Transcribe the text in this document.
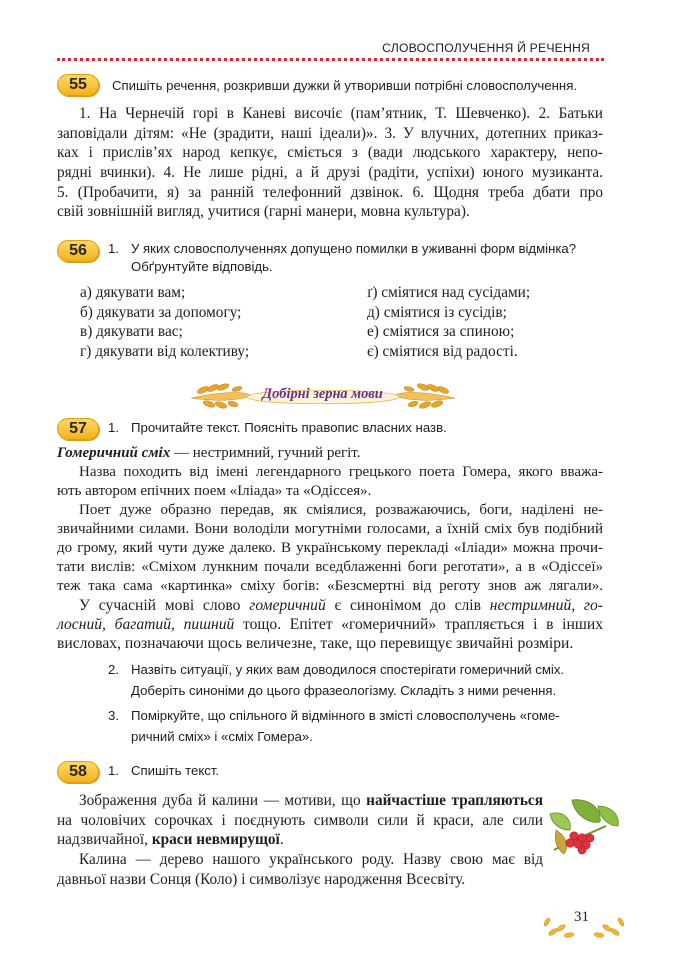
СЛОВОСПОЛУЧЕННЯ Й РЕЧЕННЯ
55	Спишіть речення, розкривши дужки й утворивши потрібні словосполучення.
1. На Чернечій горі в Каневі височіє (пам’ятник, Т. Шевченко). 2. Батьки
заповідали дітям: «Не (зрадити, наші ідеали)». 3. У влучних, дотепних приказ-
ках і прислів’ях народ кепкує, сміється з (вади людського характеру, непо-
рядні вчинки). 4. Не лише рідні, а й друзі (радіти, успіхи) юного музиканта.
5. (Пробачити, я) за ранній телефонний дзвінок. 6. Щодня треба дбати про
свій зовнішній вигляд, учитися (гарні манери, мовна культура).
56	1. У яких словосполученнях допущено помилки в уживанні форм відмінка?
Обґрунтуйте відповідь.
а) дякувати вам;
б) дякувати за допомогу;
в) дякувати вас;
г) дякувати від колективу;
ґ) сміятися над сусідами;
д) сміятися із сусідів;
е) сміятися за спиною;
є) сміятися від радості.
Добірні зерна мови
57	1. Прочитайте текст. Поясніть правопис власних назв.
Гомеричний сміх — нестримний, гучний регіт.
Назва походить від імені легендарного грецького поета Гомера, якого вважа-
ють автором епічних поем «Іліада» та «Одіссея».
Поет дуже образно передав, як сміялися, розважаючись, боги, наділені не-
звичайними силами. Вони володіли могутніми голосами, а їхній сміх був подібний
до грому, який чути дуже далеко. В українському перекладі «Іліади» можна прочи-
тати вислів: «Сміхом лункним почали вседблаженні боги реготати», а в «Одіссеї»
теж така сама «картинка» сміху богів: «Безсмертні від реготу знов аж лягали».
У сучасній мові слово гомеричний є синонімом до слів нестримний, го-
лосний, багатий, пишний тощо. Епітет «гомеричний» трапляється і в інших
висловах, позначаючи щось величезне, таке, що перевищує звичайні розміри.
2. Назвіть ситуації, у яких вам доводилося спостерігати гомеричний сміх.
Доберіть синоніми до цього фразеологізму. Складіть з ними речення.
3. Поміркуйте, що спільного й відмінного в змісті словосполучень «гоме-
ричний сміх» і «сміх Гомера».
58	1. Спишіть текст.
Зображення дуба й калини — мотиви, що найчастіше трапляються
на чоловічих сорочках і поєднують символи сили й краси, але сили
надзвичайної, краси невмирущої.
Калина — дерево нашого українського роду. Назву свою має від
давньої назви Сонця (Коло) і символізує народження Всесвіту.
31
